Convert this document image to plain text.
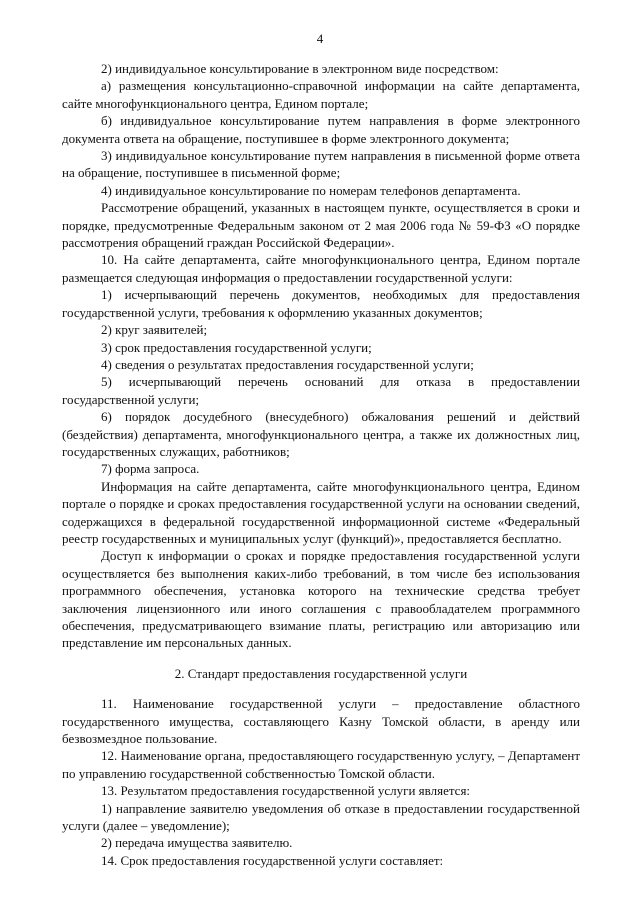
4

2) индивидуальное консультирование в электронном виде посредством:

а) размещения консультационно-справочной информации на сайте департамента, сайте многофункционального центра, Едином портале;

б) индивидуальное консультирование путем направления в форме электронного документа ответа на обращение, поступившее в форме электронного документа;

3) индивидуальное консультирование путем направления в письменной форме ответа на обращение, поступившее в письменной форме;

4) индивидуальное консультирование по номерам телефонов департамента.

Рассмотрение обращений, указанных в настоящем пункте, осуществляется в сроки и порядке, предусмотренные Федеральным законом от 2 мая 2006 года № 59-ФЗ «О порядке рассмотрения обращений граждан Российской Федерации».

10. На сайте департамента, сайте многофункционального центра, Едином портале размещается следующая информация о предоставлении государственной услуги:

1) исчерпывающий перечень документов, необходимых для предоставления государственной услуги, требования к оформлению указанных документов;

2) круг заявителей;

3) срок предоставления государственной услуги;

4) сведения о результатах предоставления государственной услуги;

5) исчерпывающий перечень оснований для отказа в предоставлении государственной услуги;

6) порядок досудебного (внесудебного) обжалования решений и действий (бездействия) департамента, многофункционального центра, а также их должностных лиц, государственных служащих, работников;

7) форма запроса.

Информация на сайте департамента, сайте многофункционального центра, Едином портале о порядке и сроках предоставления государственной услуги на основании сведений, содержащихся в федеральной государственной информационной системе «Федеральный реестр государственных и муниципальных услуг (функций)», предоставляется бесплатно.

Доступ к информации о сроках и порядке предоставления государственной услуги осуществляется без выполнения каких-либо требований, в том числе без использования программного обеспечения, установка которого на технические средства требует заключения лицензионного или иного соглашения с правообладателем программного обеспечения, предусматривающего взимание платы, регистрацию или авторизацию или представление им персональных данных.

2. Стандарт предоставления государственной услуги

11. Наименование государственной услуги – предоставление областного государственного имущества, составляющего Казну Томской области, в аренду или безвозмездное пользование.

12. Наименование органа, предоставляющего государственную услугу, – Департамент по управлению государственной собственностью Томской области.

13. Результатом предоставления государственной услуги является:

1) направление заявителю уведомления об отказе в предоставлении государственной услуги (далее – уведомление);

2) передача имущества заявителю.

14. Срок предоставления государственной услуги составляет:
